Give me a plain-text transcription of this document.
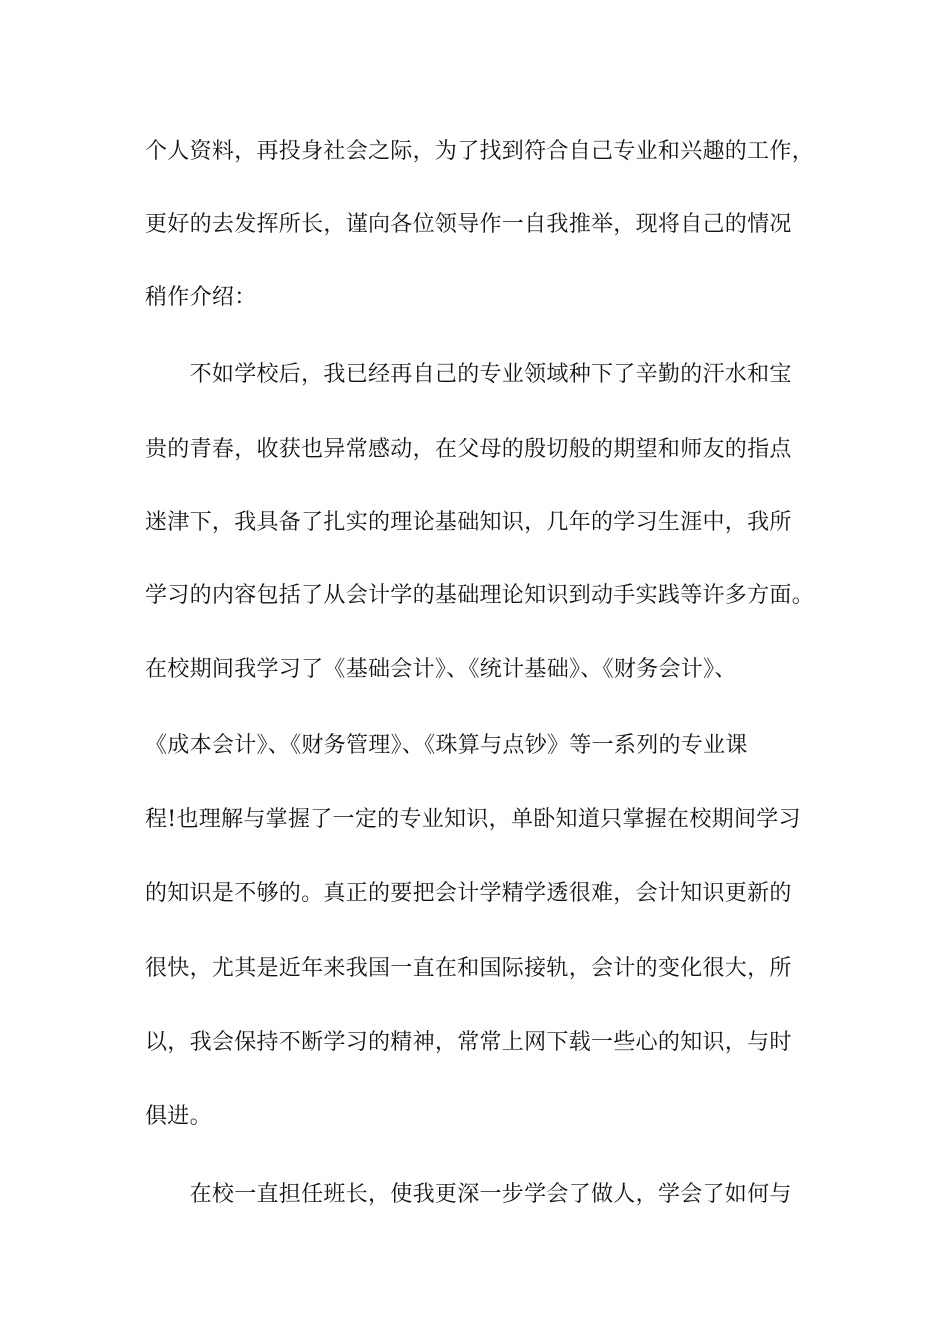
个人资料，再投身社会之际，为了找到符合自己专业和兴趣的工作，
更好的去发挥所长，谨向各位领导作一自我推举，现将自己的情况
稍作介绍：
　　不如学校后，我已经再自己的专业领域种下了辛勤的汗水和宝
贵的青春，收获也异常感动，在父母的殷切般的期望和师友的指点
迷津下，我具备了扎实的理论基础知识，几年的学习生涯中，我所
学习的内容包括了从会计学的基础理论知识到动手实践等许多方面。
在校期间我学习了《基础会计》、《统计基础》、《财务会计》、
《成本会计》、《财务管理》、《珠算与点钞》等一系列的专业课
程!也理解与掌握了一定的专业知识，单卧知道只掌握在校期间学习
的知识是不够的。真正的要把会计学精学透很难，会计知识更新的
很快，尤其是近年来我国一直在和国际接轨，会计的变化很大，所
以，我会保持不断学习的精神，常常上网下载一些心的知识，与时
俱进。
　　在校一直担任班长，使我更深一步学会了做人，学会了如何与
